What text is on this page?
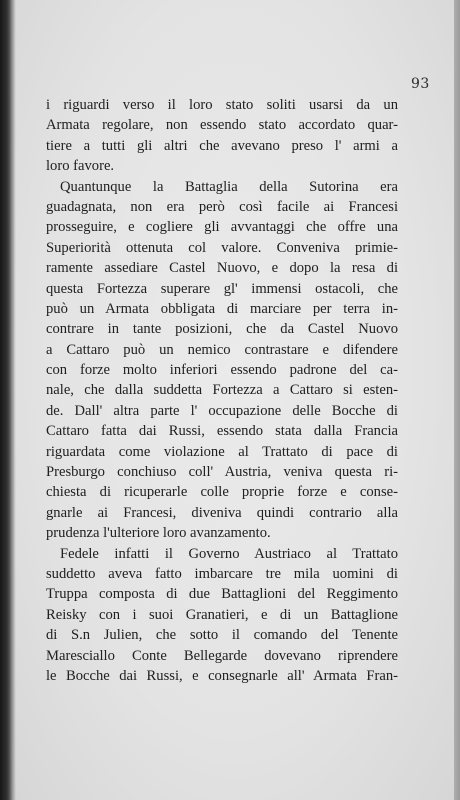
93
i riguardi verso il loro stato soliti usarsi da un
Armata regolare, non essendo stato accordato quar-
tiere a tutti gli altri che avevano preso l' armi a
loro favore.
Quantunque la Battaglia della Sutorina era
guadagnata, non era però così facile ai Francesi
prosseguire, e cogliere gli avvantaggi che offre una
Superiorità ottenuta col valore. Conveniva primie-
ramente assediare Castel Nuovo, e dopo la resa di
questa Fortezza superare gl' immensi ostacoli, che
può un Armata obbligata di marciare per terra in-
contrare in tante posizioni, che da Castel Nuovo
a Cattaro può un nemico contrastare e difendere
con forze molto inferiori essendo padrone del ca-
nale, che dalla suddetta Fortezza a Cattaro si esten-
de. Dall' altra parte l' occupazione delle Bocche di
Cattaro fatta dai Russi, essendo stata dalla Francia
riguardata come violazione al Trattato di pace di
Presburgo conchiuso coll' Austria, veniva questa ri-
chiesta di ricuperarle colle proprie forze e conse-
gnarle ai Francesi, diveniva quindi contrario alla
prudenza l'ulteriore loro avanzamento.
Fedele infatti il Governo Austriaco al Trattato
suddetto aveva fatto imbarcare tre mila uomini di
Truppa composta di due Battaglioni del Reggimento
Reisky con i suoi Granatieri, e di un Battaglione
di S.n Julien, che sotto il comando del Tenente
Maresciallo Conte Bellegarde dovevano riprendere
le Bocche dai Russi, e consegnarle all' Armata Fran-
